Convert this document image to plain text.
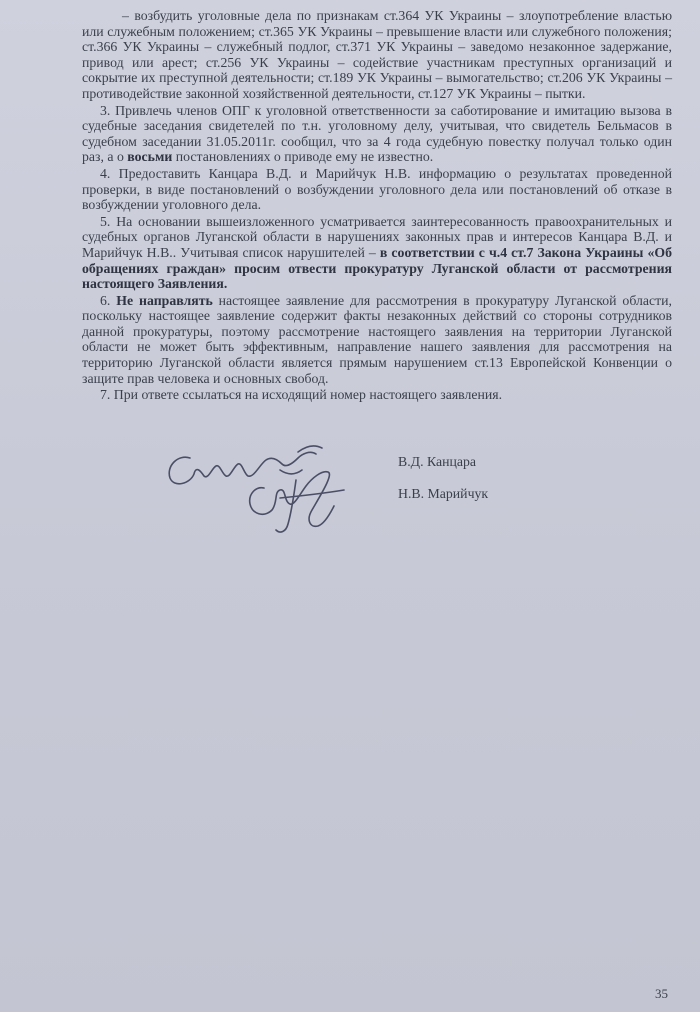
– возбудить уголовные дела по признакам ст.364 УК Украины – злоупотребление властью или служебным положением; ст.365 УК Украины – превышение власти или служебного положения; ст.366 УК Украины – служебный подлог, ст.371 УК Украины – заведомо незаконное задержание, привод или арест; ст.256 УК Украины – содействие участникам преступных организаций и сокрытие их преступной деятельности; ст.189 УК Украины – вымогательство; ст.206 УК Украины – противодействие законной хозяйственной деятельности, ст.127 УК Украины – пытки.

3. Привлечь членов ОПГ к уголовной ответственности за саботирование и имитацию вызова в судебные заседания свидетелей по т.н. уголовному делу, учитывая, что свидетель Бельмасов в судебном заседании 31.05.2011г. сообщил, что за 4 года судебную повестку получал только один раз, а о восьми постановлениях о приводе ему не известно.

4. Предоставить Канцара В.Д. и Марийчук Н.В. информацию о результатах проведенной проверки, в виде постановлений о возбуждении уголовного дела или постановлений об отказе в возбуждении уголовного дела.

5. На основании вышеизложенного усматривается заинтересованность правоохранительных и судебных органов Луганской области в нарушениях законных прав и интересов Канцара В.Д. и Марийчук Н.В.. Учитывая список нарушителей – в соответствии с ч.4 ст.7 Закона Украины «Об обращениях граждан» просим отвести прокуратуру Луганской области от рассмотрения настоящего Заявления.

6. Не направлять настоящее заявление для рассмотрения в прокуратуру Луганской области, поскольку настоящее заявление содержит факты незаконных действий со стороны сотрудников данной прокуратуры, поэтому рассмотрение настоящего заявления на территории Луганской области не может быть эффективным, направление нашего заявления для рассмотрения на территорию Луганской области является прямым нарушением ст.13 Европейской Конвенции о защите прав человека и основных свобод.

7. При ответе ссылаться на исходящий номер настоящего заявления.

В.Д. Канцара
Н.В. Марийчук
35
